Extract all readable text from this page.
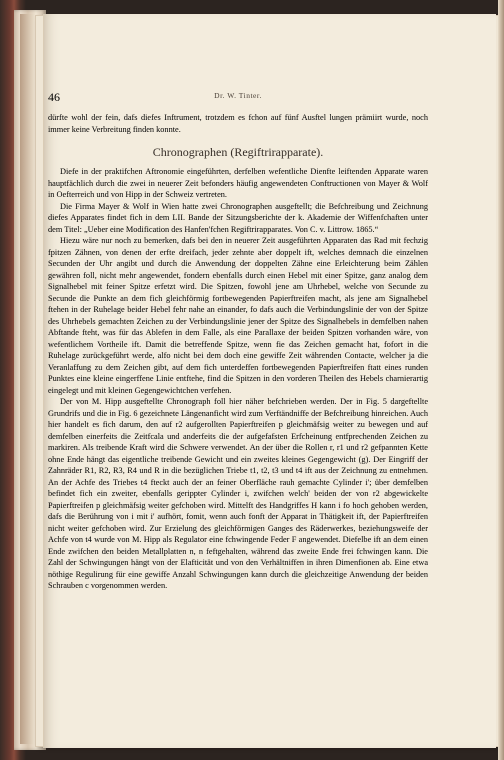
46	Dr. W. Tinter.

dürfte wohl der fein, dafs diefes Inftrument, trotzdem es fchon auf fünf Ausftel lungen prämiirt wurde, noch immer keine Verbreitung finden konnte.

Chronographen (Regiftrirapparate).

Diefe in der praktifchen Aftronomie eingeführten, derfelben wefentliche Dienfte leiftenden Apparate waren hauptfächlich durch die zwei in neuerer Zeit befonders häufig angewendeten Conftructionen von Mayer & Wolf in Oefterreich und von Hipp in der Schweiz vertreten.

Die Firma Mayer & Wolf in Wien hatte zwei Chronographen ausgeftellt; die Befchreibung und Zeichnung diefes Apparates findet fich in dem LII. Bande der Sitzungsberichte der k. Akademie der Wiffenfchaften unter dem Titel: „Ueber eine Modification des Hanfen'fchen Regiftrirapparates. Von C. v. Littrow. 1865.“

Hiezu wäre nur noch zu bemerken, dafs bei den in neuerer Zeit ausgeführten Apparaten das Rad mit fechzig fpitzen Zähnen, von denen der erfte dreifach, jeder zehnte aber doppelt ift, welches demnach die einzelnen Secunden der Uhr angibt und durch die Anwendung der doppelten Zähne eine Erleichterung beim Zählen gewähren foll, nicht mehr angewendet, fondern ebenfalls durch einen Hebel mit einer Spitze, ganz analog dem Signalhebel mit feiner Spitze erfetzt wird. Die Spitzen, fowohl jene am Uhrhebel, welche von Secunde zu Secunde die Punkte an dem fich gleichförmig fortbewegenden Papierftreifen macht, als jene am Signalhebel ftehen in der Ruhelage beider Hebel fehr nahe an einander, fo dafs auch die Verbindungslinie der von der Spitze des Uhrhebels gemachten Zeichen zu der Verbindungslinie jener der Spitze des Signalhebels in demfelben nahen Abftande fteht, was für das Ablefen in dem Falle, als eine Parallaxe der beiden Spitzen vorhanden wäre, von wefentlichem Vortheile ift. Damit die betreffende Spitze, wenn fie das Zeichen gemacht hat, fofort in die Ruhelage zurückgeführt werde, alfo nicht bei dem doch eine gewiffe Zeit währenden Contacte, welcher ja die Veranlaffung zu dem Zeichen gibt, auf dem fich unterdeffen fortbewegenden Papierftreifen ftatt eines runden Punktes eine kleine eingerffene Linie entftehe, find die Spitzen in den vorderen Theilen des Hebels charnierartig eingelegt und mit kleinen Gegengewichtchen verfehen.

Der von M. Hipp ausgeftellte Chronograph foll hier näher befchrieben werden. Der in Fig. 5 dargeftellte Grundrifs und die in Fig. 6 gezeichnete Längenanficht wird zum Verftändniffe der Befchreibung hinreichen. Auch hier handelt es fich darum, den auf r2 aufgerollten Papierftreifen p gleichmäfsig weiter zu bewegen und auf demfelben einerfeits die Zeitfcala und anderfeits die der aufgefafsten Erfcheinung entfprechenden Zeichen zu markiren. Als treibende Kraft wird die Schwere verwendet. An der über die Rollen r, r1 und r2 gefpannten Kette ohne Ende hängt das eigentliche treibende Gewicht und ein zweites kleines Gegengewicht (g). Der Eingriff der Zahnräder R1, R2, R3, R4 und R in die bezüglichen Triebe t1, t2, t3 und t4 ift aus der Zeichnung zu entnehmen. An der Achfe des Triebes t4 fteckt auch der an feiner Oberfläche rauh gemachte Cylinder i'; über demfelben befindet fich ein zweiter, ebenfalls gerippter Cylinder i, zwifchen welch' beiden der von r2 abgewickelte Papierftreifen p gleichmäfsig weiter gefchoben wird. Mittelft des Handgriffes H kann i fo hoch gehoben werden, dafs die Berührung von i mit i' aufhört, fomit, wenn auch fonft der Apparat in Thätigkeit ift, der Papierftreifen nicht weiter gefchoben wird. Zur Erzielung des gleichförmigen Ganges des Räderwerkes, beziehungsweife der Achfe von t4 wurde von M. Hipp als Regulator eine fchwingende Feder F angewendet. Diefelbe ift an dem einen Ende zwifchen den beiden Metallplatten n, n feftgehalten, während das zweite Ende frei fchwingen kann. Die Zahl der Schwingungen hängt von der Elafticität und von den Verhältniffen in ihren Dimenfionen ab. Eine etwa nöthige Regulirung für eine gewiffe Anzahl Schwingungen kann durch die gleichzeitige Anwendung der beiden Schrauben c vorgenommen werden.
